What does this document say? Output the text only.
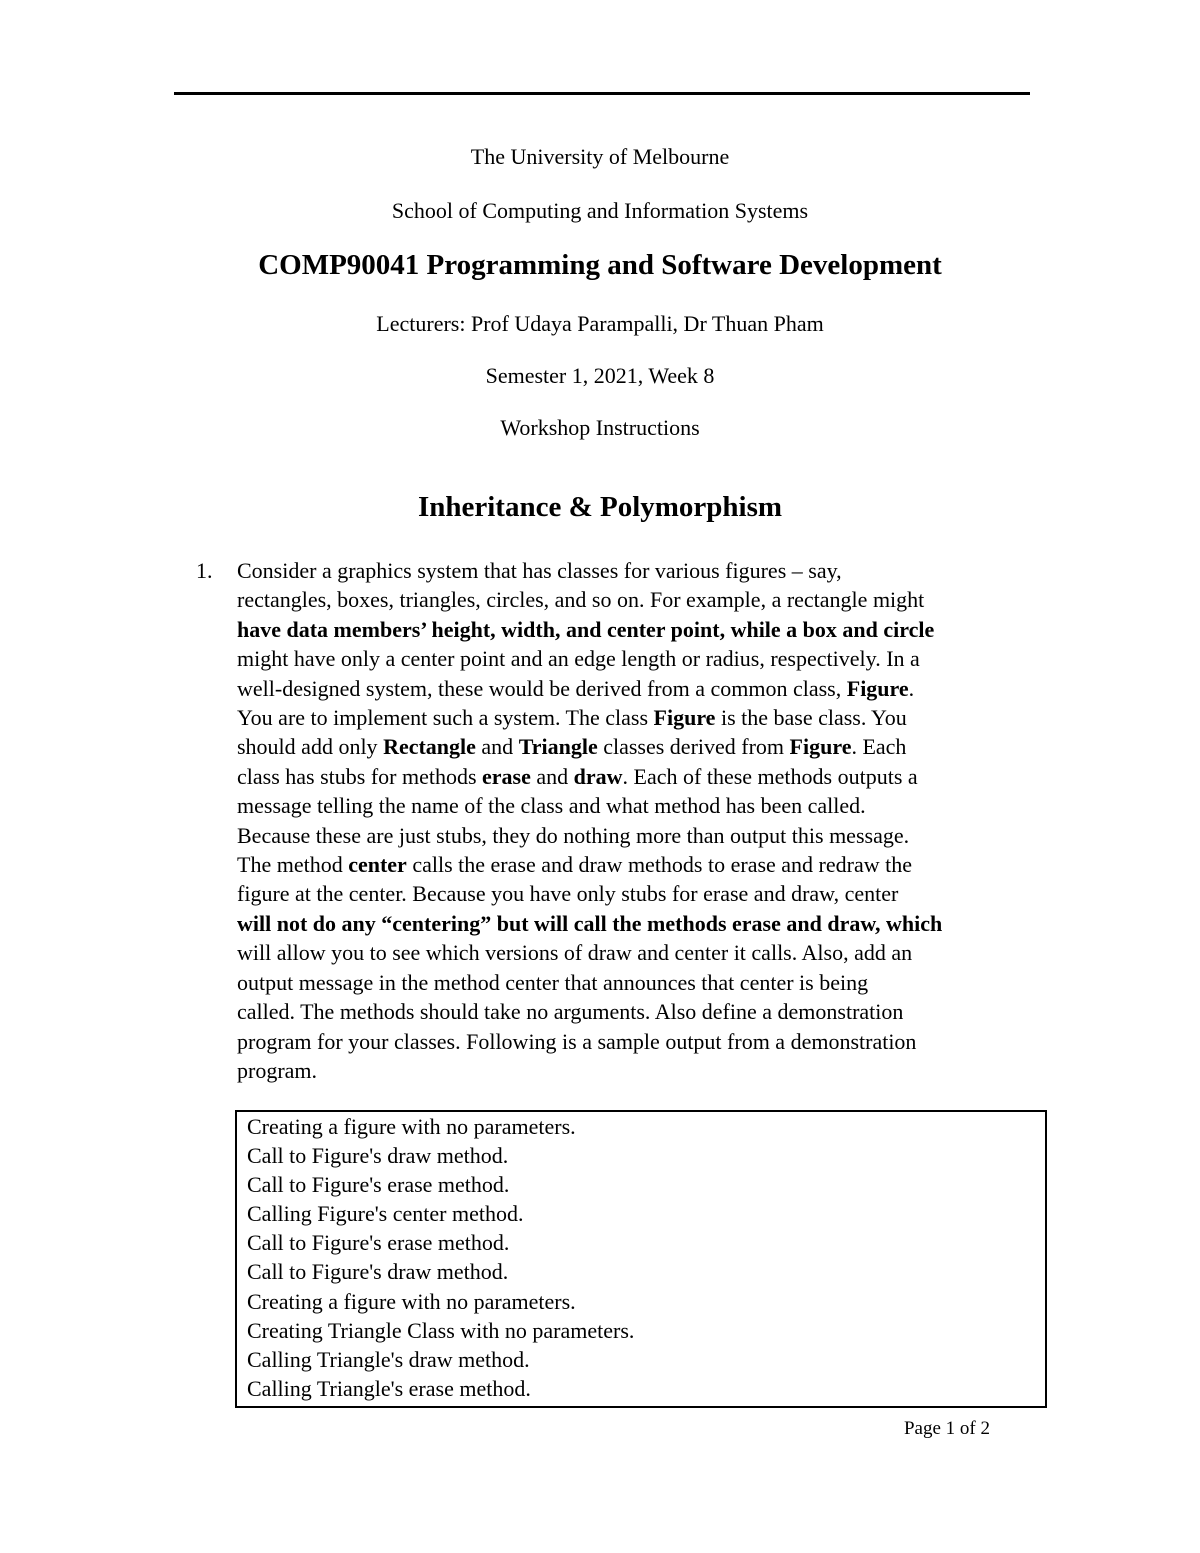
The University of Melbourne
School of Computing and Information Systems
COMP90041 Programming and Software Development
Lecturers: Prof Udaya Parampalli, Dr Thuan Pham
Semester 1, 2021, Week 8
Workshop Instructions
Inheritance & Polymorphism
1. Consider a graphics system that has classes for various figures – say,
rectangles, boxes, triangles, circles, and so on. For example, a rectangle might
have data members’ height, width, and center point, while a box and circle
might have only a center point and an edge length or radius, respectively. In a
well-designed system, these would be derived from a common class, Figure.
You are to implement such a system. The class Figure is the base class. You
should add only Rectangle and Triangle classes derived from Figure. Each
class has stubs for methods erase and draw. Each of these methods outputs a
message telling the name of the class and what method has been called.
Because these are just stubs, they do nothing more than output this message.
The method center calls the erase and draw methods to erase and redraw the
figure at the center. Because you have only stubs for erase and draw, center
will not do any “centering” but will call the methods erase and draw, which
will allow you to see which versions of draw and center it calls. Also, add an
output message in the method center that announces that center is being
called. The methods should take no arguments. Also define a demonstration
program for your classes. Following is a sample output from a demonstration
program.
Creating a figure with no parameters.
Call to Figure's draw method.
Call to Figure's erase method.
Calling Figure's center method.
Call to Figure's erase method.
Call to Figure's draw method.
Creating a figure with no parameters.
Creating Triangle Class with no parameters.
Calling Triangle's draw method.
Calling Triangle's erase method.
Page 1 of 2
